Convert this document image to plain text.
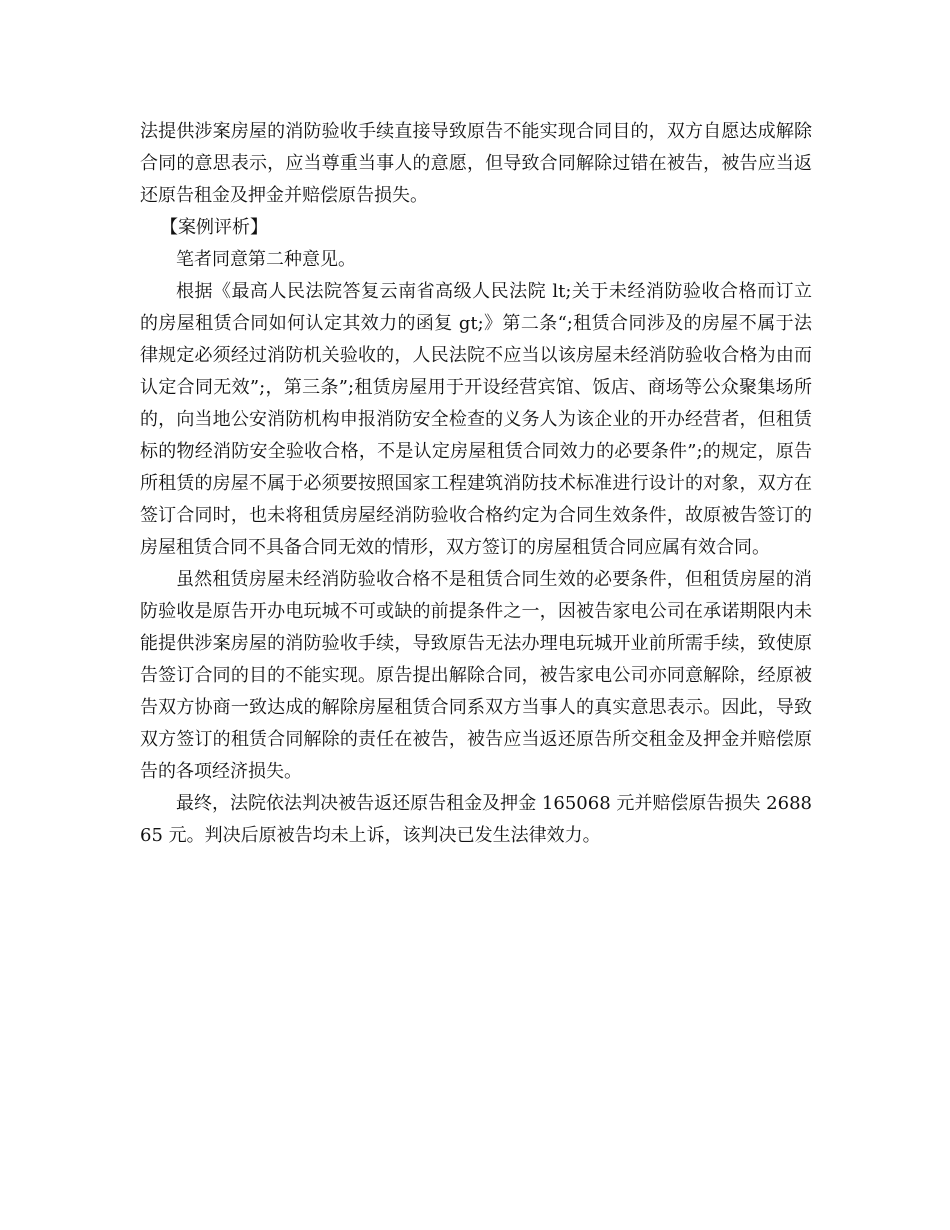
法提供涉案房屋的消防验收手续直接导致原告不能实现合同目的，双方自愿达成解除合同的意思表示，应当尊重当事人的意愿，但导致合同解除过错在被告，被告应当返还原告租金及押金并赔偿原告损失。

【案例评析】

笔者同意第二种意见。

根据《最高人民法院答复云南省高级人民法院 lt;关于未经消防验收合格而订立的房屋租赁合同如何认定其效力的函复 gt;》第二条“;租赁合同涉及的房屋不属于法律规定必须经过消防机关验收的，人民法院不应当以该房屋未经消防验收合格为由而认定合同无效”;，第三条”;租赁房屋用于开设经营宾馆、饭店、商场等公众聚集场所的，向当地公安消防机构申报消防安全检查的义务人为该企业的开办经营者，但租赁标的物经消防安全验收合格，不是认定房屋租赁合同效力的必要条件”;的规定，原告所租赁的房屋不属于必须要按照国家工程建筑消防技术标准进行设计的对象，双方在签订合同时，也未将租赁房屋经消防验收合格约定为合同生效条件，故原被告签订的房屋租赁合同不具备合同无效的情形，双方签订的房屋租赁合同应属有效合同。

虽然租赁房屋未经消防验收合格不是租赁合同生效的必要条件，但租赁房屋的消防验收是原告开办电玩城不可或缺的前提条件之一，因被告家电公司在承诺期限内未能提供涉案房屋的消防验收手续，导致原告无法办理电玩城开业前所需手续，致使原告签订合同的目的不能实现。原告提出解除合同，被告家电公司亦同意解除，经原被告双方协商一致达成的解除房屋租赁合同系双方当事人的真实意思表示。因此，导致双方签订的租赁合同解除的责任在被告，被告应当返还原告所交租金及押金并赔偿原告的各项经济损失。

最终，法院依法判决被告返还原告租金及押金 165068 元并赔偿原告损失 268865 元。判决后原被告均未上诉，该判决已发生法律效力。
